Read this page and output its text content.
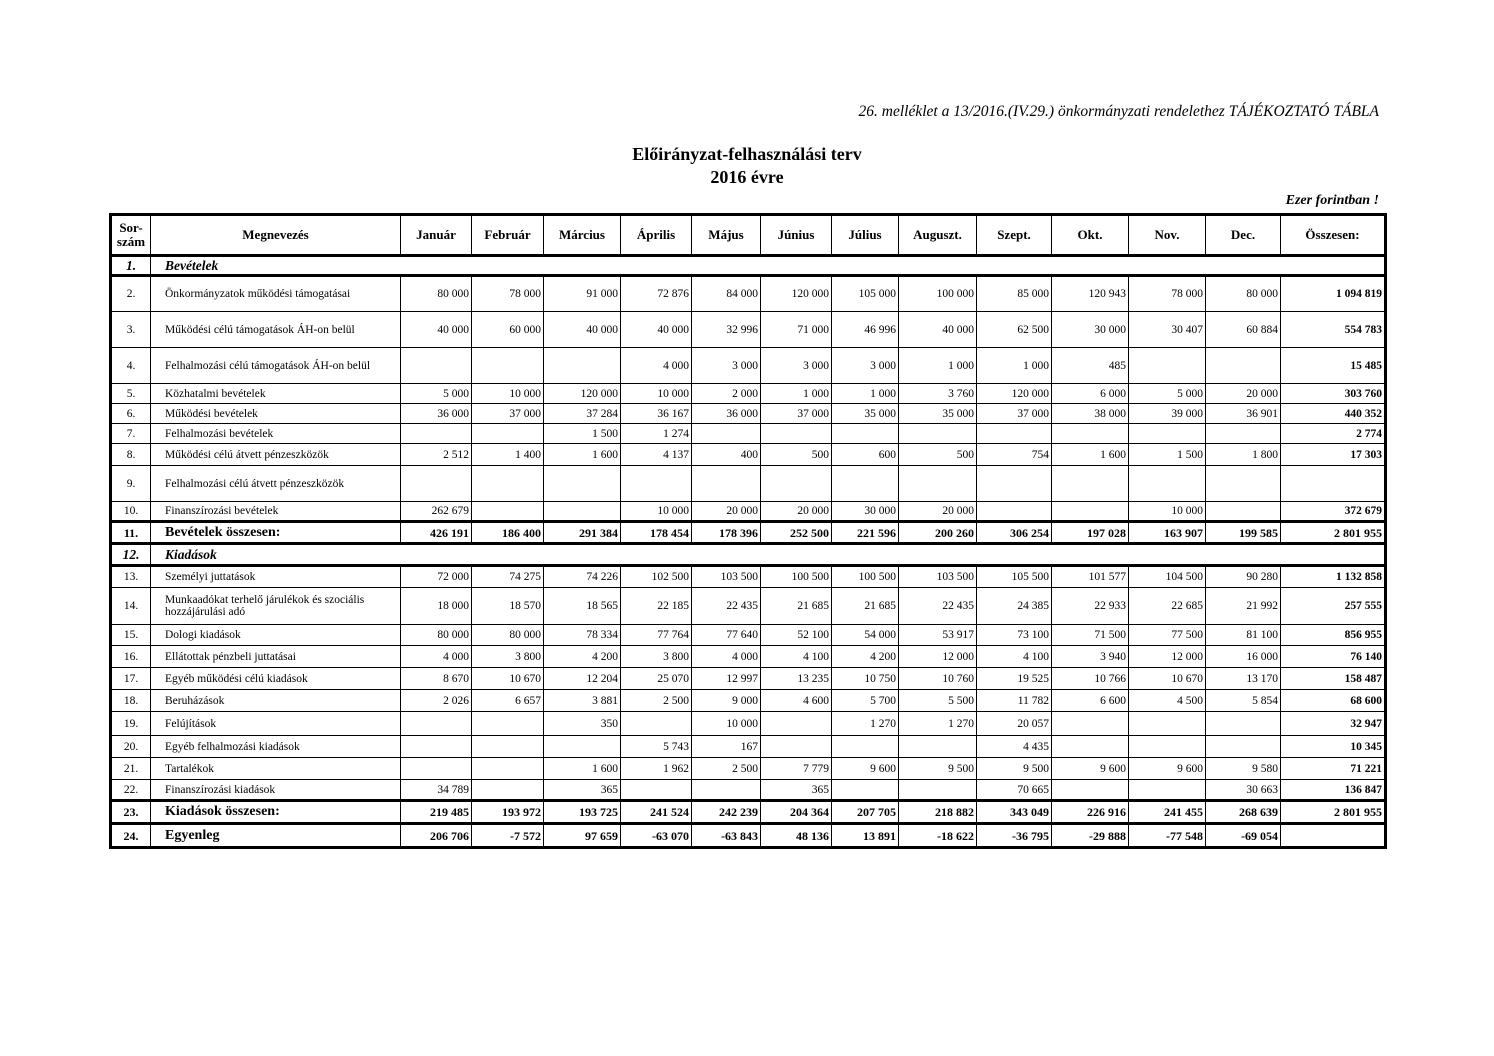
26. melléklet a 13/2016.(IV.29.) önkormányzati rendelethez TÁJÉKOZTATÓ TÁBLA
Előirányzat-felhasználási terv
2016 évre
Ezer forintban !
Sor-szám	Megnevezés	Január	Február	Március	Április	Május	Június	Július	Auguszt.	Szept.	Okt.	Nov.	Dec.	Összesen:
1.	Bevételek													
2.	Önkormányzatok működési támogatásai	80 000	78 000	91 000	72 876	84 000	120 000	105 000	100 000	85 000	120 943	78 000	80 000	1 094 819
3.	Működési célú támogatások ÁH-on belül	40 000	60 000	40 000	40 000	32 996	71 000	46 996	40 000	62 500	30 000	30 407	60 884	554 783
4.	Felhalmozási célú támogatások ÁH-on belül				4 000	3 000	3 000	3 000	1 000	1 000	485			15 485
5.	Közhatalmi bevételek	5 000	10 000	120 000	10 000	2 000	1 000	1 000	3 760	120 000	6 000	5 000	20 000	303 760
6.	Működési bevételek	36 000	37 000	37 284	36 167	36 000	37 000	35 000	35 000	37 000	38 000	39 000	36 901	440 352
7.	Felhalmozási bevételek			1 500	1 274									2 774
8.	Működési célú átvett pénzeszközök	2 512	1 400	1 600	4 137	400	500	600	500	754	1 600	1 500	1 800	17 303
9.	Felhalmozási célú átvett pénzeszközök													
10.	Finanszírozási bevételek	262 679			10 000	20 000	20 000	30 000	20 000			10 000		372 679
11.	Bevételek összesen:	426 191	186 400	291 384	178 454	178 396	252 500	221 596	200 260	306 254	197 028	163 907	199 585	2 801 955
12.	Kiadások													
13.	Személyi juttatások	72 000	74 275	74 226	102 500	103 500	100 500	100 500	103 500	105 500	101 577	104 500	90 280	1 132 858
14.	Munkaadókat terhelő járulékok és szociális hozzájárulási adó	18 000	18 570	18 565	22 185	22 435	21 685	21 685	22 435	24 385	22 933	22 685	21 992	257 555
15.	Dologi kiadások	80 000	80 000	78 334	77 764	77 640	52 100	54 000	53 917	73 100	71 500	77 500	81 100	856 955
16.	Ellátottak pénzbeli juttatásai	4 000	3 800	4 200	3 800	4 000	4 100	4 200	12 000	4 100	3 940	12 000	16 000	76 140
17.	Egyéb működési célú kiadások	8 670	10 670	12 204	25 070	12 997	13 235	10 750	10 760	19 525	10 766	10 670	13 170	158 487
18.	Beruházások	2 026	6 657	3 881	2 500	9 000	4 600	5 700	5 500	11 782	6 600	4 500	5 854	68 600
19.	Felújítások			350		10 000		1 270	1 270	20 057				32 947
20.	Egyéb felhalmozási kiadások				5 743	167				4 435				10 345
21.	Tartalékok			1 600	1 962	2 500	7 779	9 600	9 500	9 500	9 600	9 600	9 580	71 221
22.	Finanszírozási kiadások	34 789		365			365			70 665			30 663	136 847
23.	Kiadások összesen:	219 485	193 972	193 725	241 524	242 239	204 364	207 705	218 882	343 049	226 916	241 455	268 639	2 801 955
24.	Egyenleg	206 706	-7 572	97 659	-63 070	-63 843	48 136	13 891	-18 622	-36 795	-29 888	-77 548	-69 054	
